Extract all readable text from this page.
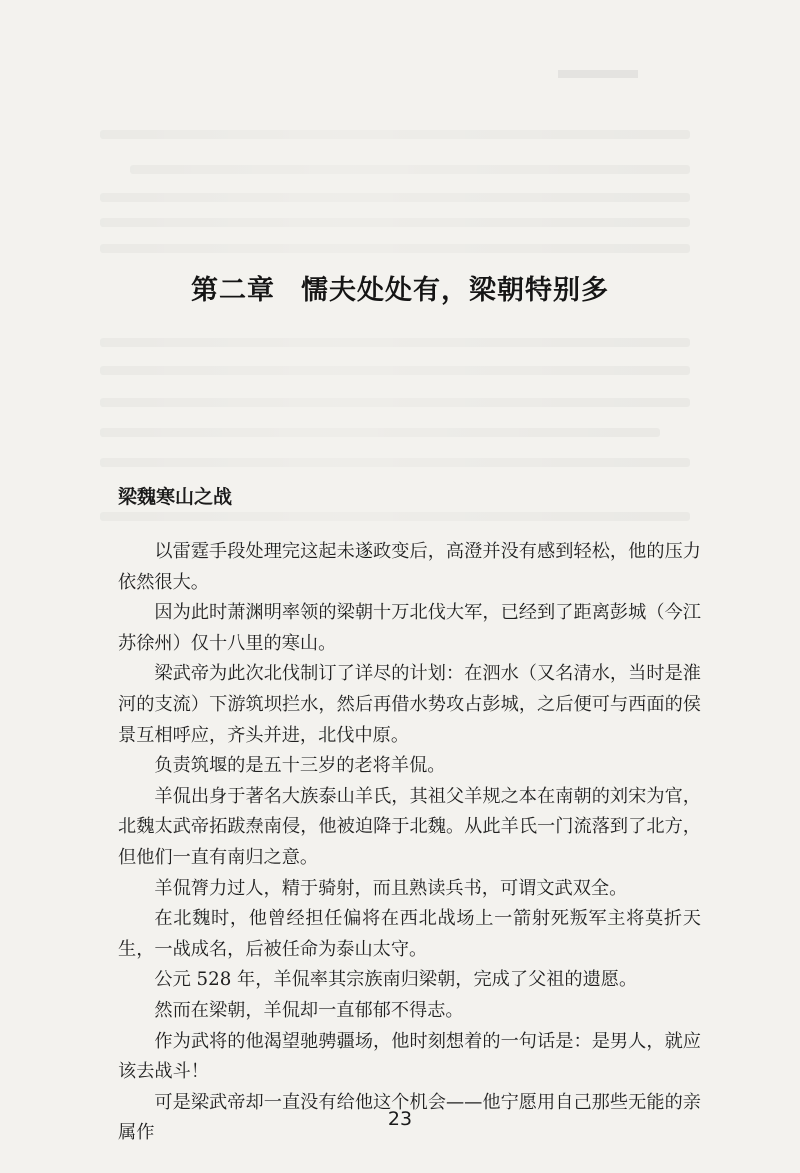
第二章 懦夫处处有，梁朝特别多
梁魏寒山之战

以雷霆手段处理完这起未遂政变后，高澄并没有感到轻松，他的压力依然很大。

因为此时萧渊明率领的梁朝十万北伐大军，已经到了距离彭城（今江苏徐州）仅十八里的寒山。

梁武帝为此次北伐制订了详尽的计划：在泗水（又名清水，当时是淮河的支流）下游筑坝拦水，然后再借水势攻占彭城，之后便可与西面的侯景互相呼应，齐头并进，北伐中原。

负责筑堰的是五十三岁的老将羊侃。

羊侃出身于著名大族泰山羊氏，其祖父羊规之本在南朝的刘宋为官，北魏太武帝拓跋焘南侵，他被迫降于北魏。从此羊氏一门流落到了北方，但他们一直有南归之意。

羊侃膂力过人，精于骑射，而且熟读兵书，可谓文武双全。

在北魏时，他曾经担任偏将在西北战场上一箭射死叛军主将莫折天生，一战成名，后被任命为泰山太守。

公元 528 年，羊侃率其宗族南归梁朝，完成了父祖的遗愿。

然而在梁朝，羊侃却一直郁郁不得志。

作为武将的他渴望驰骋疆场，他时刻想着的一句话是：是男人，就应该去战斗！

可是梁武帝却一直没有给他这个机会——他宁愿用自己那些无能的亲属作

23
